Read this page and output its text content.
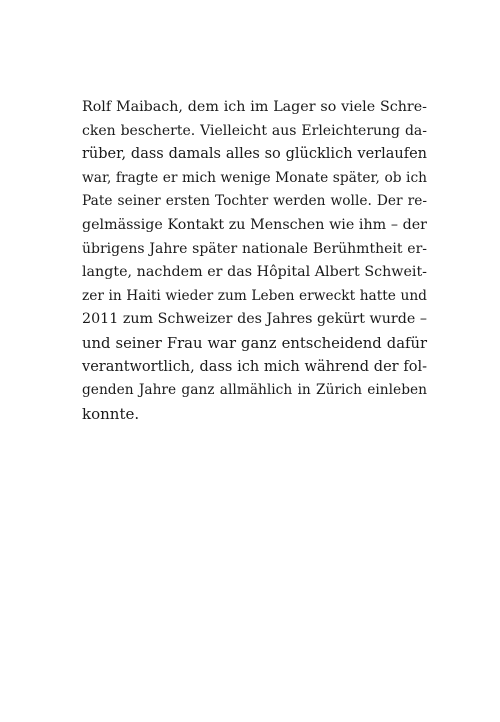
Rolf Maibach, dem ich im Lager so viele Schre-
cken bescherte. Vielleicht aus Erleichterung da-
rüber, dass damals alles so glücklich verlaufen
war, fragte er mich wenige Monate später, ob ich
Pate seiner ersten Tochter werden wolle. Der re-
gelmässige Kontakt zu Menschen wie ihm – der
übrigens Jahre später nationale Berühmtheit er-
langte, nachdem er das Hôpital Albert Schweit-
zer in Haiti wieder zum Leben erweckt hatte und
2011 zum Schweizer des Jahres gekürt wurde –
und seiner Frau war ganz entscheidend dafür
verantwortlich, dass ich mich während der fol-
genden Jahre ganz allmählich in Zürich einleben
konnte.
